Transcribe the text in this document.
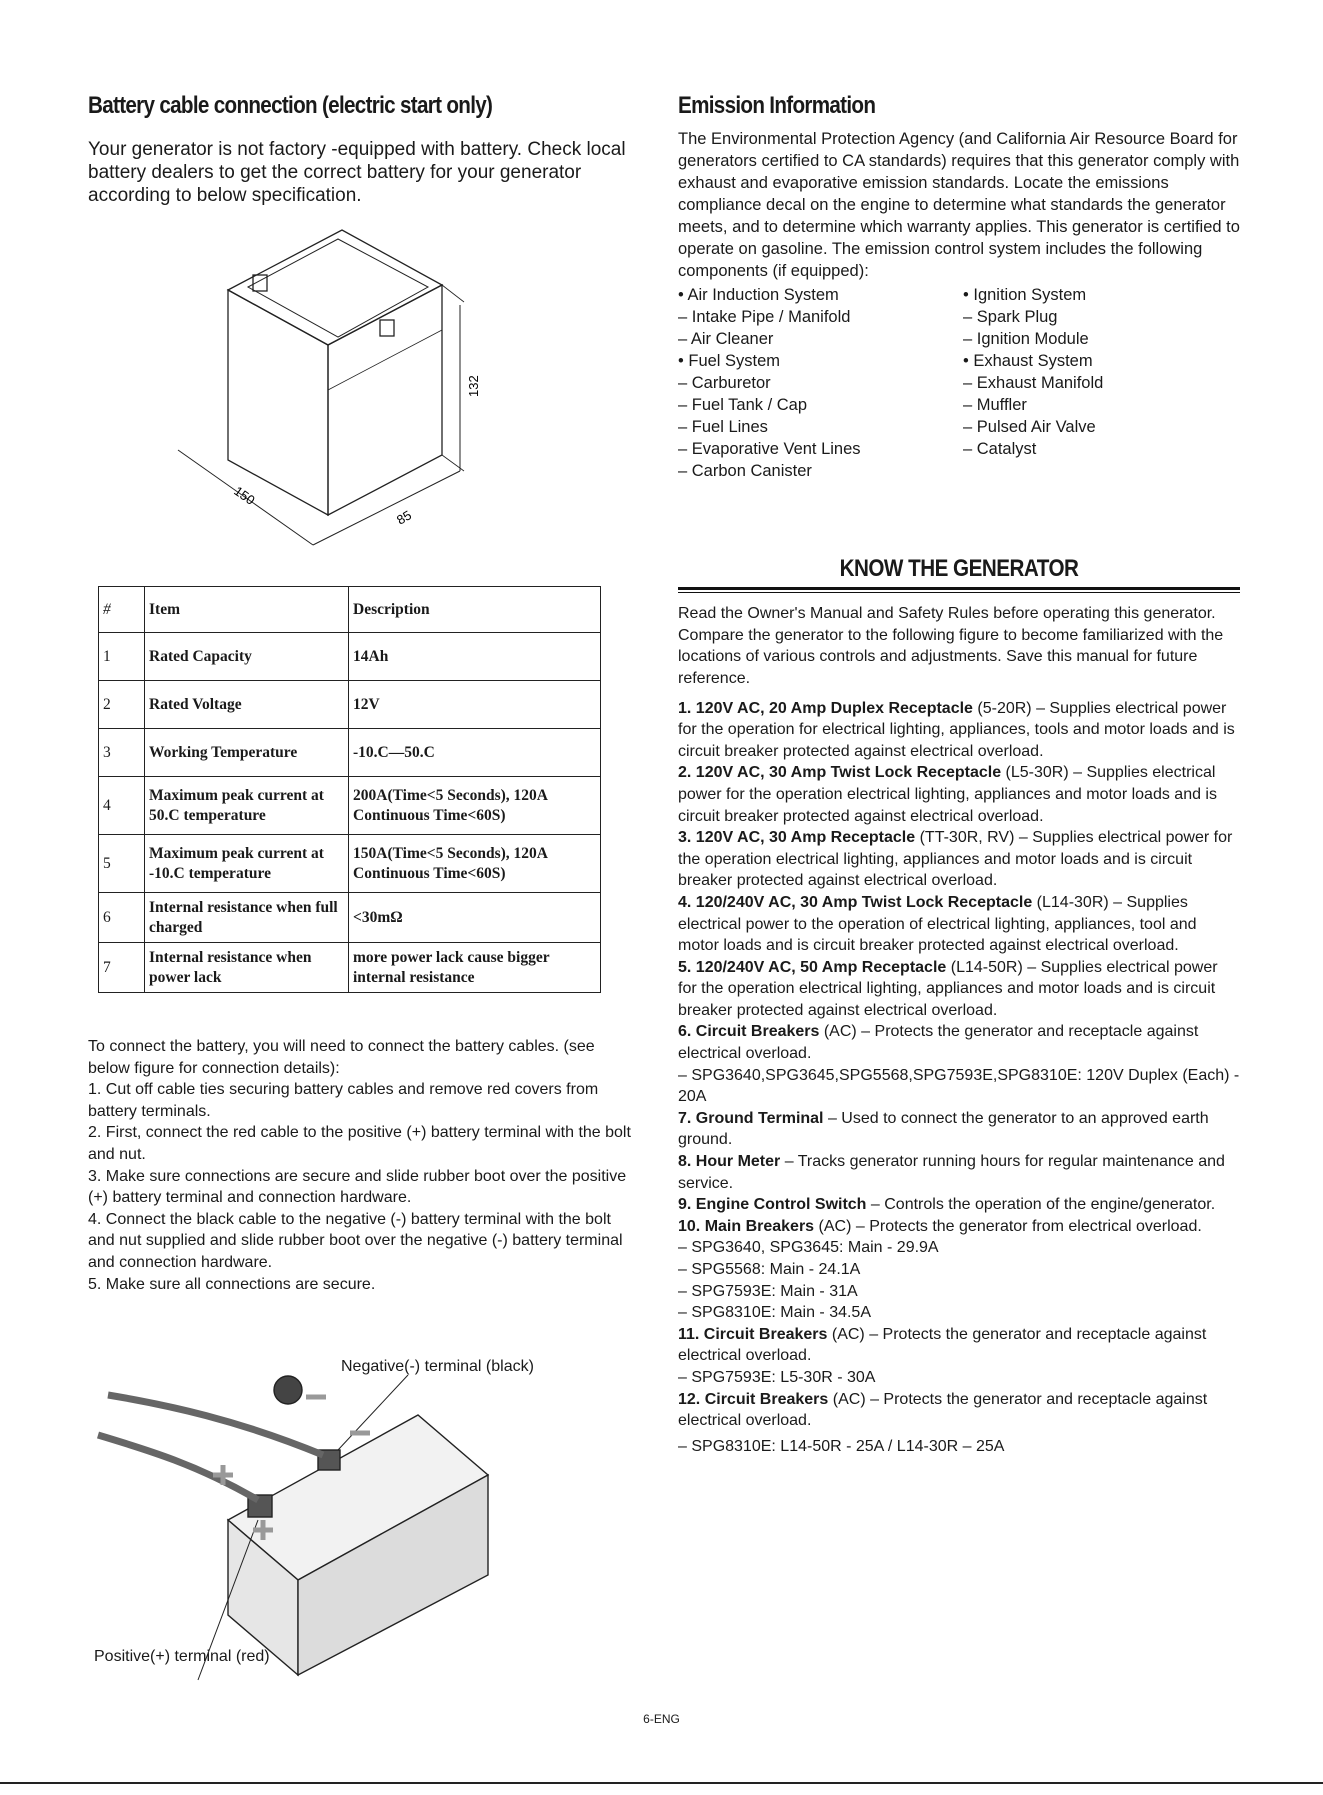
Battery cable connection (electric start only)

Your generator is not factory -equipped with battery. Check local battery dealers to get the correct battery for your generator according to below specification.

150
85
132
#	Item	Description
1	Rated Capacity	14Ah
2	Rated Voltage	12V
3	Working Temperature	-10.C—50.C
4	Maximum peak current at 50.C temperature	200A(Time<5 Seconds), 120A Continuous Time<60S)
5	Maximum peak current at -10.C temperature	150A(Time<5 Seconds), 120A Continuous Time<60S)
6	Internal resistance when full charged	<30mΩ
7	Internal resistance when power lack	more power lack cause bigger internal resistance

To connect the battery, you will need to connect the battery cables. (see below figure for connection details):

1. Cut off cable ties securing battery cables and remove red covers from battery terminals.

2. First, connect the red cable to the positive (+) battery terminal with the bolt and nut.

3. Make sure connections are secure and slide rubber boot over the positive (+) battery terminal and connection hardware.

4. Connect the black cable to the negative (-) battery terminal with the bolt and nut supplied and slide rubber boot over the negative (-) battery terminal and connection hardware.

5. Make sure all connections are secure.

Negative(-) terminal (black)
Positive(+) terminal (red)
Emission Information

The Environmental Protection Agency (and California Air Resource Board for generators certified to CA standards) requires that this generator comply with exhaust and evaporative emission standards. Locate the emissions compliance decal on the engine to determine what standards the generator meets, and to determine which warranty applies. This generator is certified to operate on gasoline. The emission control system includes the following components (if equipped):

• Air Induction System
– Intake Pipe / Manifold
– Air Cleaner
• Fuel System
– Carburetor
– Fuel Tank / Cap
– Fuel Lines
– Evaporative Vent Lines
– Carbon Canister
• Ignition System
– Spark Plug
– Ignition Module
• Exhaust System
– Exhaust Manifold
– Muffler
– Pulsed Air Valve
– Catalyst
KNOW THE GENERATOR

Read the Owner's Manual and Safety Rules before operating this generator.

Compare the generator to the following figure to become familiarized with the locations of various controls and adjustments. Save this manual for future reference.

1. 120V AC, 20 Amp Duplex Receptacle (5-20R) – Supplies electrical power for the operation for electrical lighting, appliances, tools and motor loads and is circuit breaker protected against electrical overload.

2. 120V AC, 30 Amp Twist Lock Receptacle (L5-30R) – Supplies electrical power for the operation electrical lighting, appliances and motor loads and is circuit breaker protected against electrical overload.

3. 120V AC, 30 Amp Receptacle (TT-30R, RV) – Supplies electrical power for the operation electrical lighting, appliances and motor loads and is circuit breaker protected against electrical overload.

4. 120/240V AC, 30 Amp Twist Lock Receptacle (L14-30R) – Supplies electrical power to the operation of electrical lighting, appliances, tool and motor loads and is circuit breaker protected against electrical overload.

5. 120/240V AC, 50 Amp Receptacle (L14-50R) – Supplies electrical power for the operation electrical lighting, appliances and motor loads and is circuit breaker protected against electrical overload.

6. Circuit Breakers (AC) – Protects the generator and receptacle against electrical overload.

– SPG3640,SPG3645,SPG5568,SPG7593E,SPG8310E: 120V Duplex (Each) - 20A

7. Ground Terminal – Used to connect the generator to an approved earth ground.

8. Hour Meter – Tracks generator running hours for regular maintenance and service.

9. Engine Control Switch – Controls the operation of the engine/generator.

10. Main Breakers (AC) – Protects the generator from electrical overload.

– SPG3640, SPG3645: Main - 29.9A

– SPG5568: Main - 24.1A

– SPG7593E: Main - 31A

– SPG8310E: Main - 34.5A

11. Circuit Breakers (AC) – Protects the generator and receptacle against electrical overload.

– SPG7593E: L5-30R - 30A

12. Circuit Breakers (AC) – Protects the generator and receptacle against electrical overload.

– SPG8310E: L14-50R - 25A / L14-30R – 25A

6-ENG
